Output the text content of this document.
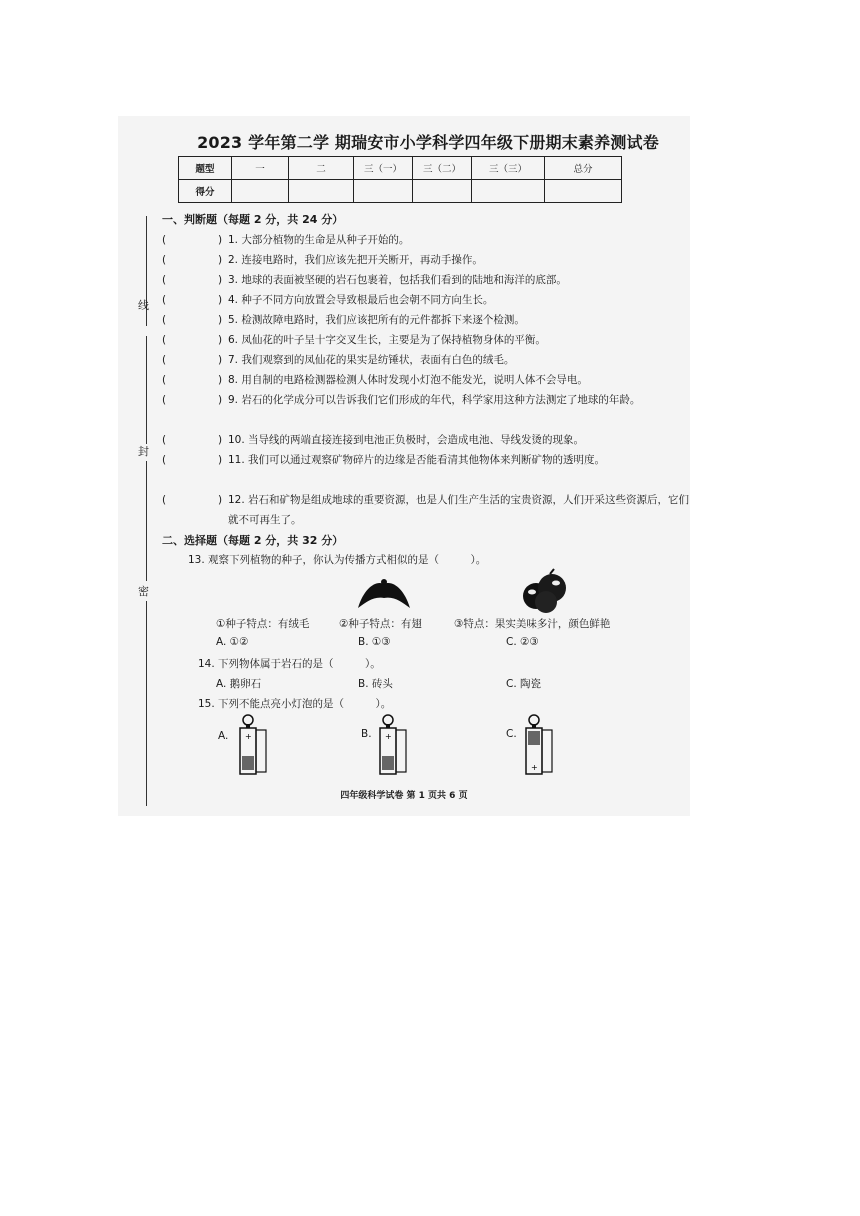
线
封
密
2023 学年第二学 期瑞安市小学科学四年级下册期末素养测试卷
题型	一	二	三（一）	三（二）	三（三）	总分
得分						
一、判断题（每题 2 分，共 24 分）
(	) 1. 大部分植物的生命是从种子开始的。
(	) 2. 连接电路时，我们应该先把开关断开，再动手操作。
(	) 3. 地球的表面被坚硬的岩石包裹着，包括我们看到的陆地和海洋的底部。
(	) 4. 种子不同方向放置会导致根最后也会朝不同方向生长。
(	) 5. 检测故障电路时，我们应该把所有的元件都拆下来逐个检测。
(	) 6. 凤仙花的叶子呈十字交叉生长，主要是为了保持植物身体的平衡。
(	) 7. 我们观察到的凤仙花的果实是纺锤状，表面有白色的绒毛。
(	) 8. 用自制的电路检测器检测人体时发现小灯泡不能发光，说明人体不会导电。
(	) 9. 岩石的化学成分可以告诉我们它们形成的年代，科学家用这种方法测定了地球的年龄。
(	) 10. 当导线的两端直接连接到电池正负极时，会造成电池、导线发烫的现象。
(	) 11. 我们可以通过观察矿物碎片的边缘是否能看清其他物体来判断矿物的透明度。
(	) 12. 岩石和矿物是组成地球的重要资源，也是人们生产生活的宝贵资源，人们开采这些资源后，它们就不可再生了。
二、选择题（每题 2 分，共 32 分）
13. 观察下列植物的种子，你认为传播方式相似的是（　　　）。
①种子特点：有绒毛	②种子特点：有翅	③特点：果实美味多汁，颜色鲜艳
A. ①②	B. ①③	C. ②③
14. 下列物体属于岩石的是（　　　）。
A. 鹅卵石	B. 砖头	C. 陶瓷
15. 下列不能点亮小灯泡的是（　　　）。
A. +	B. +	C.
+
四年级科学试卷 第 1 页共 6 页
